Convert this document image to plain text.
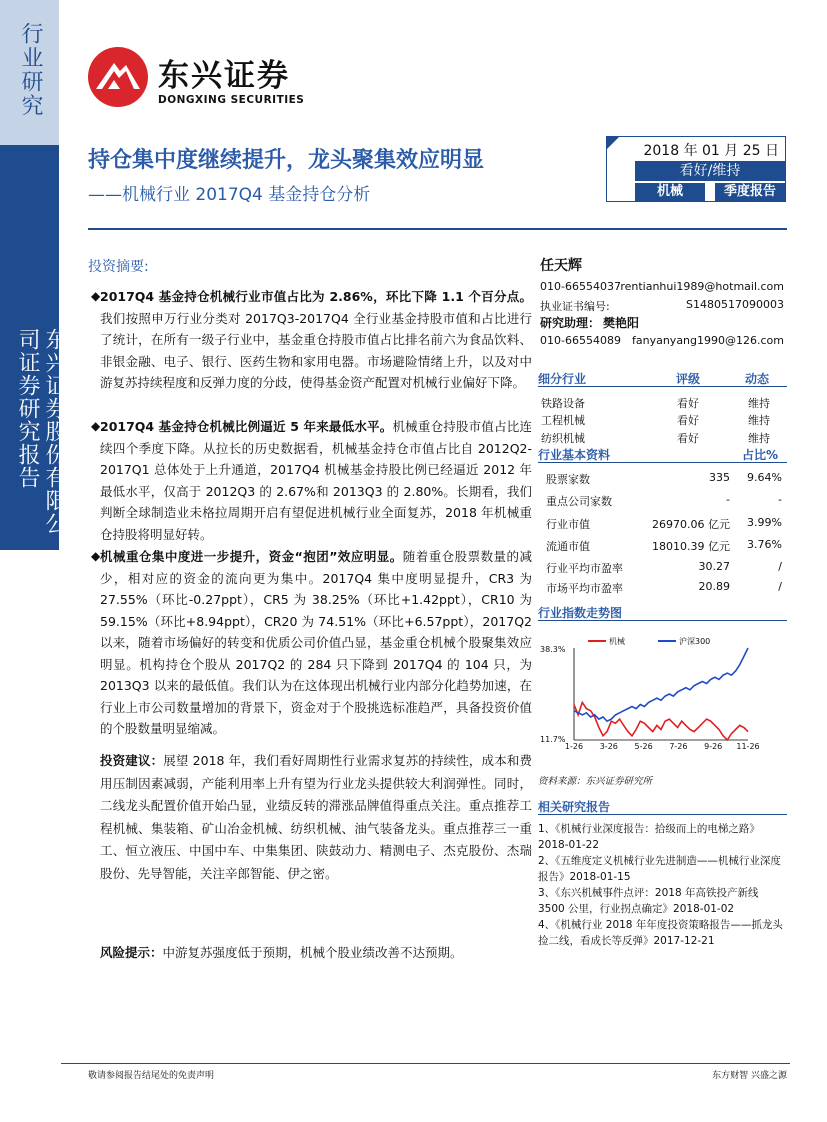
行业研究
东兴证券股份有限公司证券研究报告
东兴证券
DONGXING SECURITIES
持仓集中度继续提升，龙头聚集效应明显
——机械行业 2017Q4 基金持仓分析
2018 年 01 月 25 日
看好/维持
机械	季度报告
投资摘要:
◆ 2017Q4 基金持仓机械行业市值占比为 2.86%，环比下降 1.1 个百分点。我们按照申万行业分类对 2017Q3-2017Q4 全行业基金持股市值和占比进行了统计，在所有一级子行业中，基金重仓持股市值占比排名前六为食品饮料、非银金融、电子、银行、医药生物和家用电器。市场避险情绪上升，以及对中游复苏持续程度和反弹力度的分歧，使得基金资产配置对机械行业偏好下降。
◆ 2017Q4 基金持仓机械比例逼近 5 年来最低水平。机械重仓持股市值占比连续四个季度下降。从拉长的历史数据看，机械基金持仓市值占比自 2012Q2-2017Q1 总体处于上升通道，2017Q4 机械基金持股比例已经逼近 2012 年最低水平，仅高于 2012Q3 的 2.67%和 2013Q3 的 2.80%。长期看，我们判断全球制造业未格拉周期开启有望促进机械行业全面复苏，2018 年机械重仓持股将明显好转。
◆ 机械重仓集中度进一步提升，资金“抱团”效应明显。随着重仓股票数量的减少，相对应的资金的流向更为集中。2017Q4 集中度明显提升，CR3 为 27.55%（环比-0.27ppt），CR5 为 38.25%（环比+1.42ppt），CR10 为 59.15%（环比+8.94ppt），CR20 为 74.51%（环比+6.57ppt），2017Q2 以来，随着市场偏好的转变和优质公司价值凸显，基金重仓机械个股聚集效应明显。机构持仓个股从 2017Q2 的 284 只下降到 2017Q4 的 104 只，为 2013Q3 以来的最低值。我们认为在这体现出机械行业内部分化趋势加速，在行业上市公司数量增加的背景下，资金对于个股挑选标准趋严，具备投资价值的个股数量明显缩减。
投资建议：展望 2018 年，我们看好周期性行业需求复苏的持续性，成本和费用压制因素减弱，产能利用率上升有望为行业龙头提供较大利润弹性。同时，二线龙头配置价值开始凸显，业绩反转的滞涨品牌值得重点关注。重点推荐工程机械、集装箱、矿山冶金机械、纺织机械、油气装备龙头。重点推荐三一重工、恒立液压、中国中车、中集集团、陕鼓动力、精测电子、杰克股份、杰瑞股份、先导智能，关注辛郎智能、伊之密。
风险提示：中游复苏强度低于预期，机械个股业绩改善不达预期。
任天辉
010-66554037 rentianhui1989@hotmail.com
执业证书编号:	S1480517090003
研究助理： 樊艳阳
010-66554089 fanyanyang1990@126.com
细分行业	评级	动态
铁路设备	看好	维持
工程机械	看好	维持
纺织机械	看好	维持
行业基本资料	占比%
股票家数	335	9.64%
重点公司家数	-	-
行业市值	26970.06 亿元	3.99%
流通市值	18010.39 亿元	3.76%
行业平均市盈率	30.27	/
市场平均市盈率	20.89	/
行业指数走势图
38.3%
11.7%
1-26 3-26 5-26 7-26 9-26 11-26
机械	沪深300
资料来源：东兴证券研究所
相关研究报告
1、《机械行业深度报告：拾级而上的电梯之路》
2018-01-22
2、《五维度定义机械行业先进制造——机械行业深度报告》2018-01-15
3、《东兴机械事件点评：2018 年高铁投产新线 3500 公里，行业拐点确定》2018-01-02
4、《机械行业 2018 年年度投资策略报告——抓龙头捡二线，看成长等反弹》2017-12-21
敬请参阅报告结尾处的免责声明	东方财智 兴盛之源
